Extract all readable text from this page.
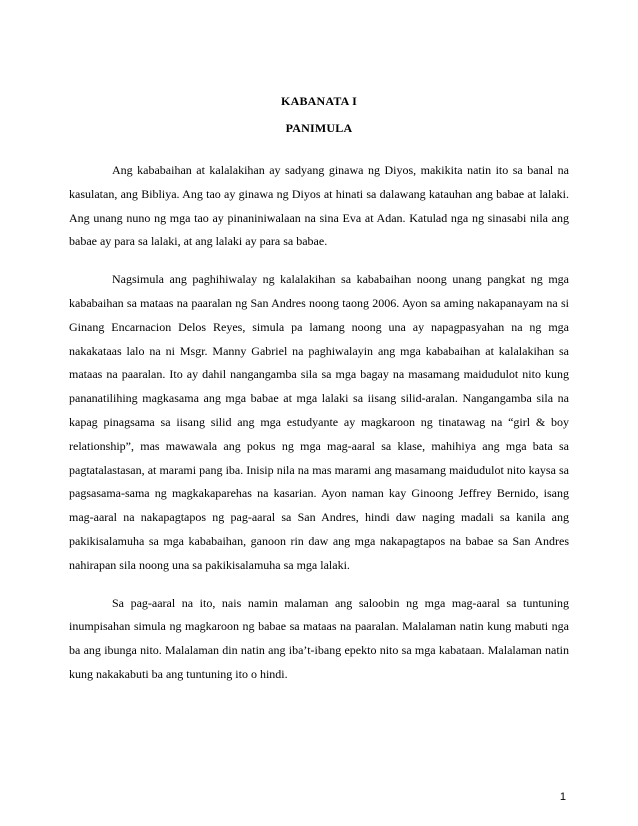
KABANATA I
PANIMULA

Ang kababaihan at kalalakihan ay sadyang ginawa ng Diyos, makikita natin ito sa banal na kasulatan, ang Bibliya. Ang tao ay ginawa ng Diyos at hinati sa dalawang katauhan ang babae at lalaki. Ang unang nuno ng mga tao ay pinaniniwalaan na sina Eva at Adan. Katulad nga ng sinasabi nila ang babae ay para sa lalaki, at ang lalaki ay para sa babae.

Nagsimula ang paghihiwalay ng kalalakihan sa kababaihan noong unang pangkat ng mga kababaihan sa mataas na paaralan ng San Andres noong taong 2006. Ayon sa aming nakapanayam na si Ginang Encarnacion Delos Reyes, simula pa lamang noong una ay napagpasyahan na ng mga nakakataas lalo na ni Msgr. Manny Gabriel na paghiwalayin ang mga kababaihan at kalalakihan sa mataas na paaralan. Ito ay dahil nangangamba sila sa mga bagay na masamang maidudulot nito kung pananatilihing magkasama ang mga babae at mga lalaki sa iisang silid-aralan. Nangangamba sila na kapag pinagsama sa iisang silid ang mga estudyante ay magkaroon ng tinatawag na “girl & boy relationship”, mas mawawala ang pokus ng mga mag-aaral sa klase, mahihiya ang mga bata sa pagtatalastasan, at marami pang iba. Inisip nila na mas marami ang masamang maidudulot nito kaysa sa pagsasama-sama ng magkakaparehas na kasarian. Ayon naman kay Ginoong Jeffrey Bernido, isang mag-aaral na nakapagtapos ng pag-aaral sa San Andres, hindi daw naging madali sa kanila ang pakikisalamuha sa mga kababaihan, ganoon rin daw ang mga nakapagtapos na babae sa San Andres nahirapan sila noong una sa pakikisalamuha sa mga lalaki.

Sa pag-aaral na ito, nais namin malaman ang saloobin ng mga mag-aaral sa tuntuning inumpisahan simula ng magkaroon ng babae sa mataas na paaralan. Malalaman natin kung mabuti nga ba ang ibunga nito. Malalaman din natin ang iba’t-ibang epekto nito sa mga kabataan. Malalaman natin kung nakakabuti ba ang tuntuning ito o hindi.

1
